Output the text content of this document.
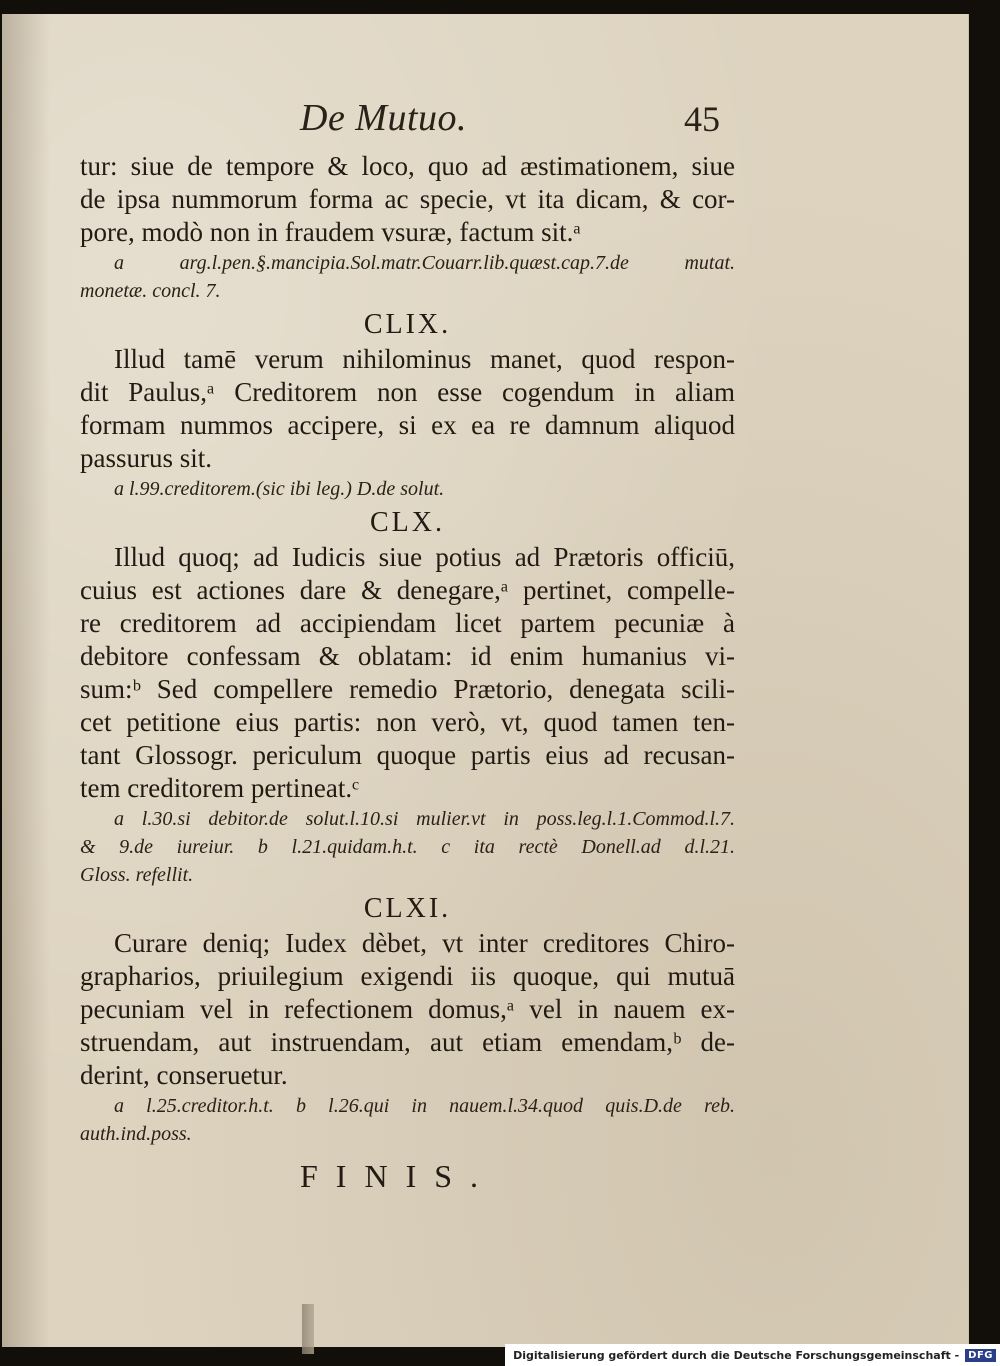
De Mutuo.	45
tur: siue de tempore & loco, quo ad æstimationem, siue
de ipsa nummorum forma ac specie, vt ita dicam, & cor-
pore, modò non in fraudem vsuræ, factum sit.ᵃ
a arg.l.pen.§.mancipia.Sol.matr.Couarr.lib.quæst.cap.7.de mutat.
monetæ. concl. 7.
CLIX.
Illud tamē verum nihilominus manet, quod respon-
dit Paulus,ᵃ Creditorem non esse cogendum in aliam
formam nummos accipere, si ex ea re damnum aliquod
passurus sit.
a l.99.creditorem.(sic ibi leg.) D.de solut.
CLX.
Illud quoq; ad Iudicis siue potius ad Prætoris officiū,
cuius est actiones dare & denegare,ᵃ pertinet, compelle-
re creditorem ad accipiendam licet partem pecuniæ à
debitore confessam & oblatam: id enim humanius vi-
sum:ᵇ Sed compellere remedio Prætorio, denegata scili-
cet petitione eius partis: non verò, vt, quod tamen ten-
tant Glossogr. periculum quoque partis eius ad recusan-
tem creditorem pertineat.ᶜ
a l.30.si debitor.de solut.l.10.si mulier.vt in poss.leg.l.1.Commod.l.7.
& 9.de iureiur. b l.21.quidam.h.t. c ita rectè Donell.ad d.l.21.
Gloss. refellit.
CLXI.
Curare deniq; Iudex dèbet, vt inter creditores Chiro-
grapharios, priuilegium exigendi iis quoque, qui mutuā
pecuniam vel in refectionem domus,ᵃ vel in nauem ex-
struendam, aut instruendam, aut etiam emendam,ᵇ de-
derint, conseruetur.
a l.25.creditor.h.t. b l.26.qui in nauem.l.34.quod quis.D.de reb.
auth.ind.poss.
FINIS.
Digitalisierung gefördert durch die Deutsche Forschungsgemeinschaft - DFG
